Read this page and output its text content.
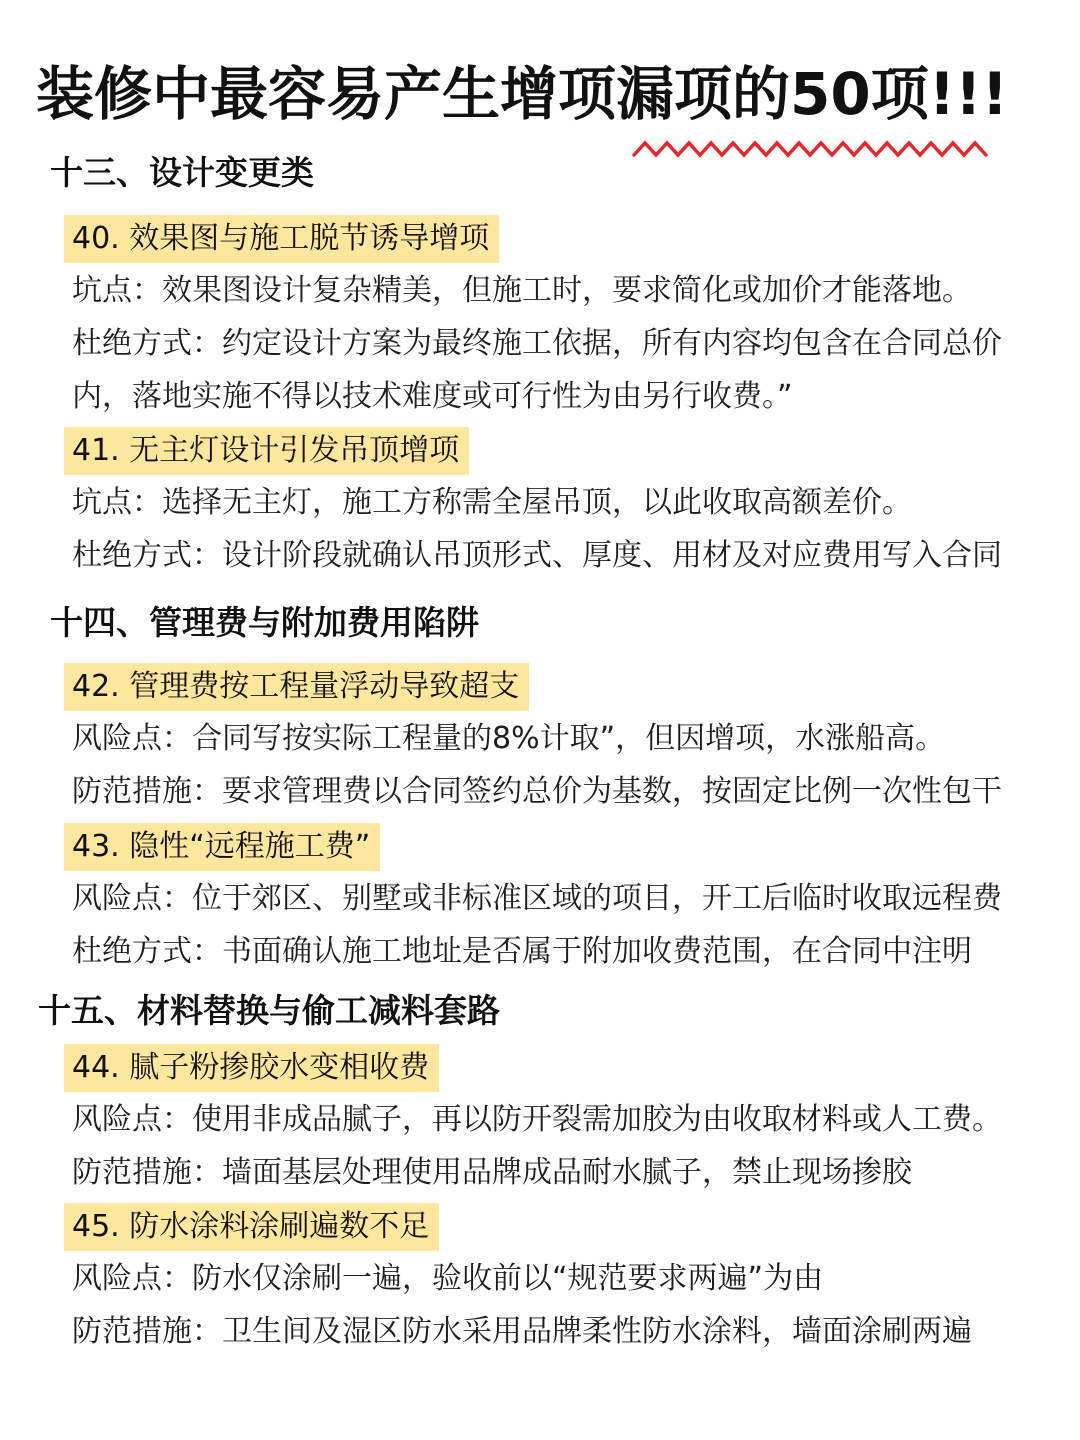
装修中最容易产生增项漏项的50项!!!
十三、设计变更类
40. 效果图与施工脱节诱导增项
坑点：效果图设计复杂精美，但施工时，要求简化或加价才能落地。
杜绝方式：约定设计方案为最终施工依据，所有内容均包含在合同总价
内，落地实施不得以技术难度或可行性为由另行收费。”
41. 无主灯设计引发吊顶增项
坑点：选择无主灯，施工方称需全屋吊顶，以此收取高额差价。
杜绝方式：设计阶段就确认吊顶形式、厚度、用材及对应费用写入合同
十四、管理费与附加费用陷阱
42. 管理费按工程量浮动导致超支
风险点：合同写按实际工程量的8%计取”，但因增项，水涨船高。
防范措施：要求管理费以合同签约总价为基数，按固定比例一次性包干
43. 隐性“远程施工费”
风险点：位于郊区、别墅或非标准区域的项目，开工后临时收取远程费
杜绝方式：书面确认施工地址是否属于附加收费范围，在合同中注明
十五、材料替换与偷工减料套路
44. 腻子粉掺胶水变相收费
风险点：使用非成品腻子，再以防开裂需加胶为由收取材料或人工费。
防范措施：墙面基层处理使用品牌成品耐水腻子，禁止现场掺胶
45. 防水涂料涂刷遍数不足
风险点：防水仅涂刷一遍，验收前以“规范要求两遍”为由
防范措施：卫生间及湿区防水采用品牌柔性防水涂料，墙面涂刷两遍
